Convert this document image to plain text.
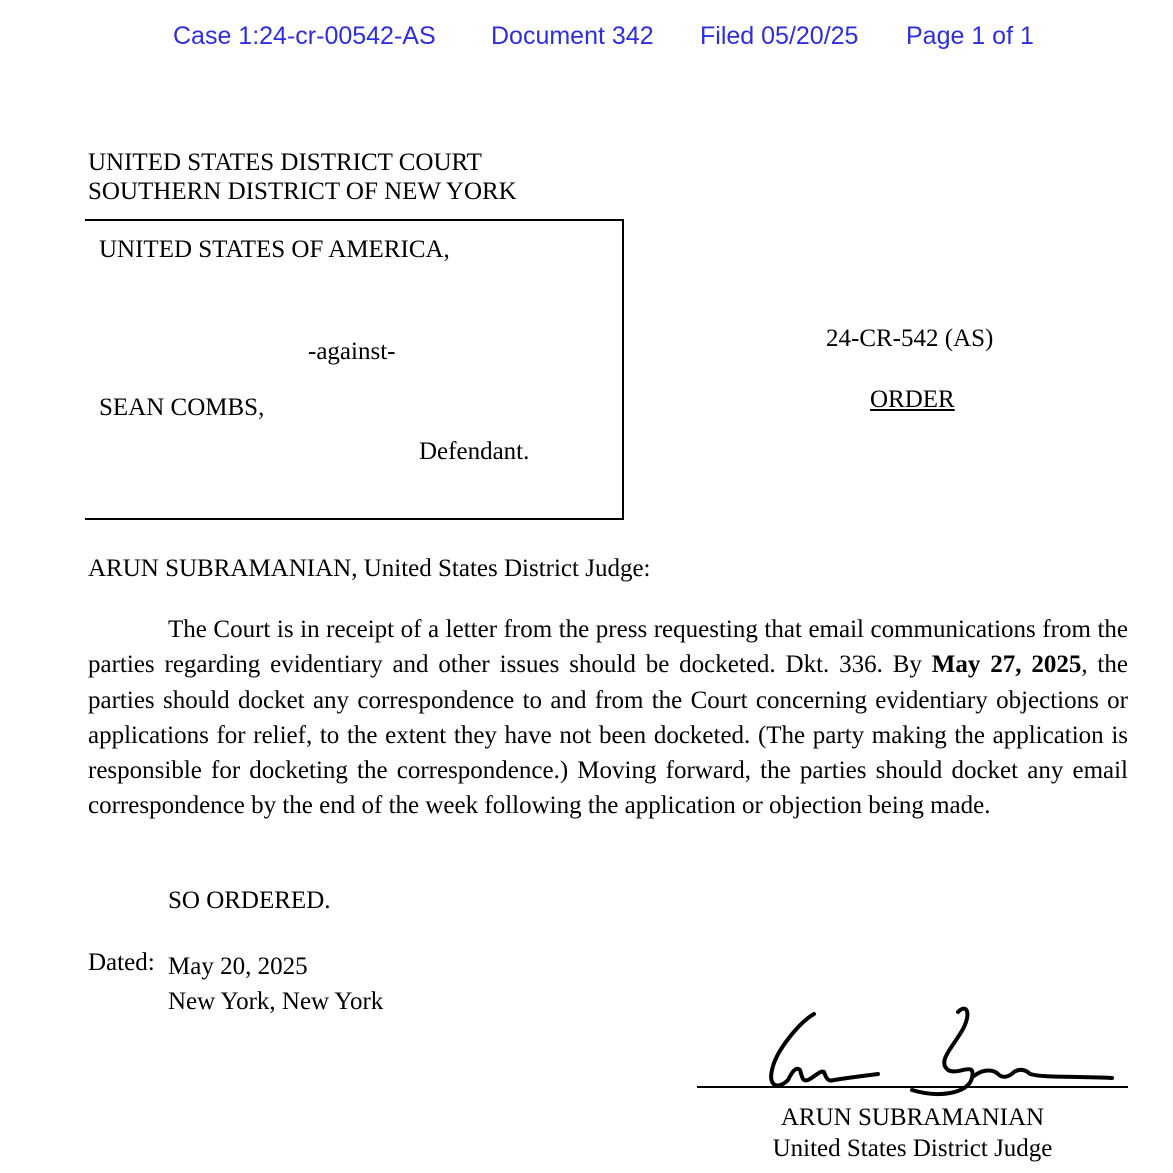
Case 1:24-cr-00542-AS Document 342 Filed 05/20/25 Page 1 of 1
UNITED STATES DISTRICT COURT
SOUTHERN DISTRICT OF NEW YORK
UNITED STATES OF AMERICA,
-against-
SEAN COMBS,
Defendant.
24-CR-542 (AS)
ORDER
ARUN SUBRAMANIAN, United States District Judge:

The Court is in receipt of a letter from the press requesting that email communications from the parties regarding evidentiary and other issues should be docketed. Dkt. 336. By May 27, 2025, the parties should docket any correspondence to and from the Court concerning evidentiary objections or applications for relief, to the extent they have not been docketed. (The party making the application is responsible for docketing the correspondence.) Moving forward, the parties should docket any email correspondence by the end of the week following the application or objection being made.

SO ORDERED.
Dated: May 20, 2025
New York, New York
ARUN SUBRAMANIAN
United States District Judge
